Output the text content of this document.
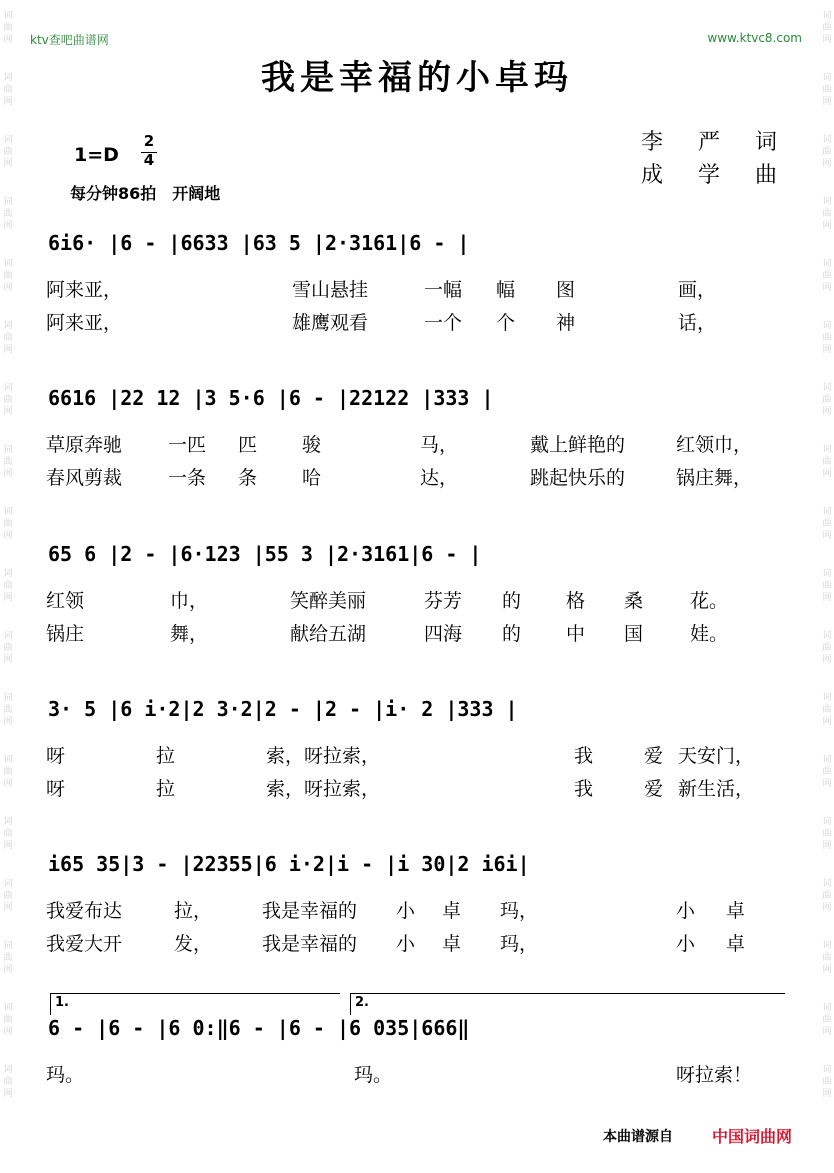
词曲网
词曲网
词曲网
词曲网
词曲网
词曲网
词曲网
词曲网
词曲网
词曲网
词曲网
词曲网
词曲网
词曲网
词曲网
词曲网
词曲网
词曲网
词曲网
词曲网
词曲网
词曲网
词曲网
词曲网
词曲网
词曲网
词曲网
词曲网
词曲网
词曲网
词曲网
词曲网
词曲网
词曲网
词曲网
词曲网
ktv查吧曲谱网	www.ktvc8.com
我是幸福的小卓玛
李 严 词
成 学 曲
1=D
2
4
每分钟86拍　开阔地
6i6· |6 - |6633 |63 5 |2·3161|6 - |
6616 |22 12 |3 5·6 |6 - |22122 |333 |
65 6 |2 - |6·123 |55 3 |2·3161|6 - |
3· 5 |6 i·2|2 3·2|2 - |2 - |i· 2 |333 |
i65 35|3 - |22355|6 i·2|i - |i 30|2 i6i|
6 - |6 - |6 0:‖6 - |6 - |6 035|666‖
1.	2.
阿来亚，	雪山悬挂	一幅 幅 图	画，
阿来亚，	雄鹰观看	一个 个 神	话，
草原奔驰 一匹 匹 骏	马，	戴上鲜艳的	红领巾，
春风剪裁 一条 条 哈	达，	跳起快乐的	锅庄舞，
红领	巾，	笑醉美丽	芬芳 的 格 桑 花。
锅庄	舞，	献给五湖	四海 的 中 国 娃。
呀	拉	索，呀拉索，	我	爱 天安门，
呀	拉	索，呀拉索，	我	爱 新生活，
我爱布达	拉，	我是幸福的 小 卓 玛，	小 卓
我爱大开	发，	我是幸福的 小 卓 玛，	小 卓
玛。	玛。	呀拉索！
本曲谱源自 中国词曲网
